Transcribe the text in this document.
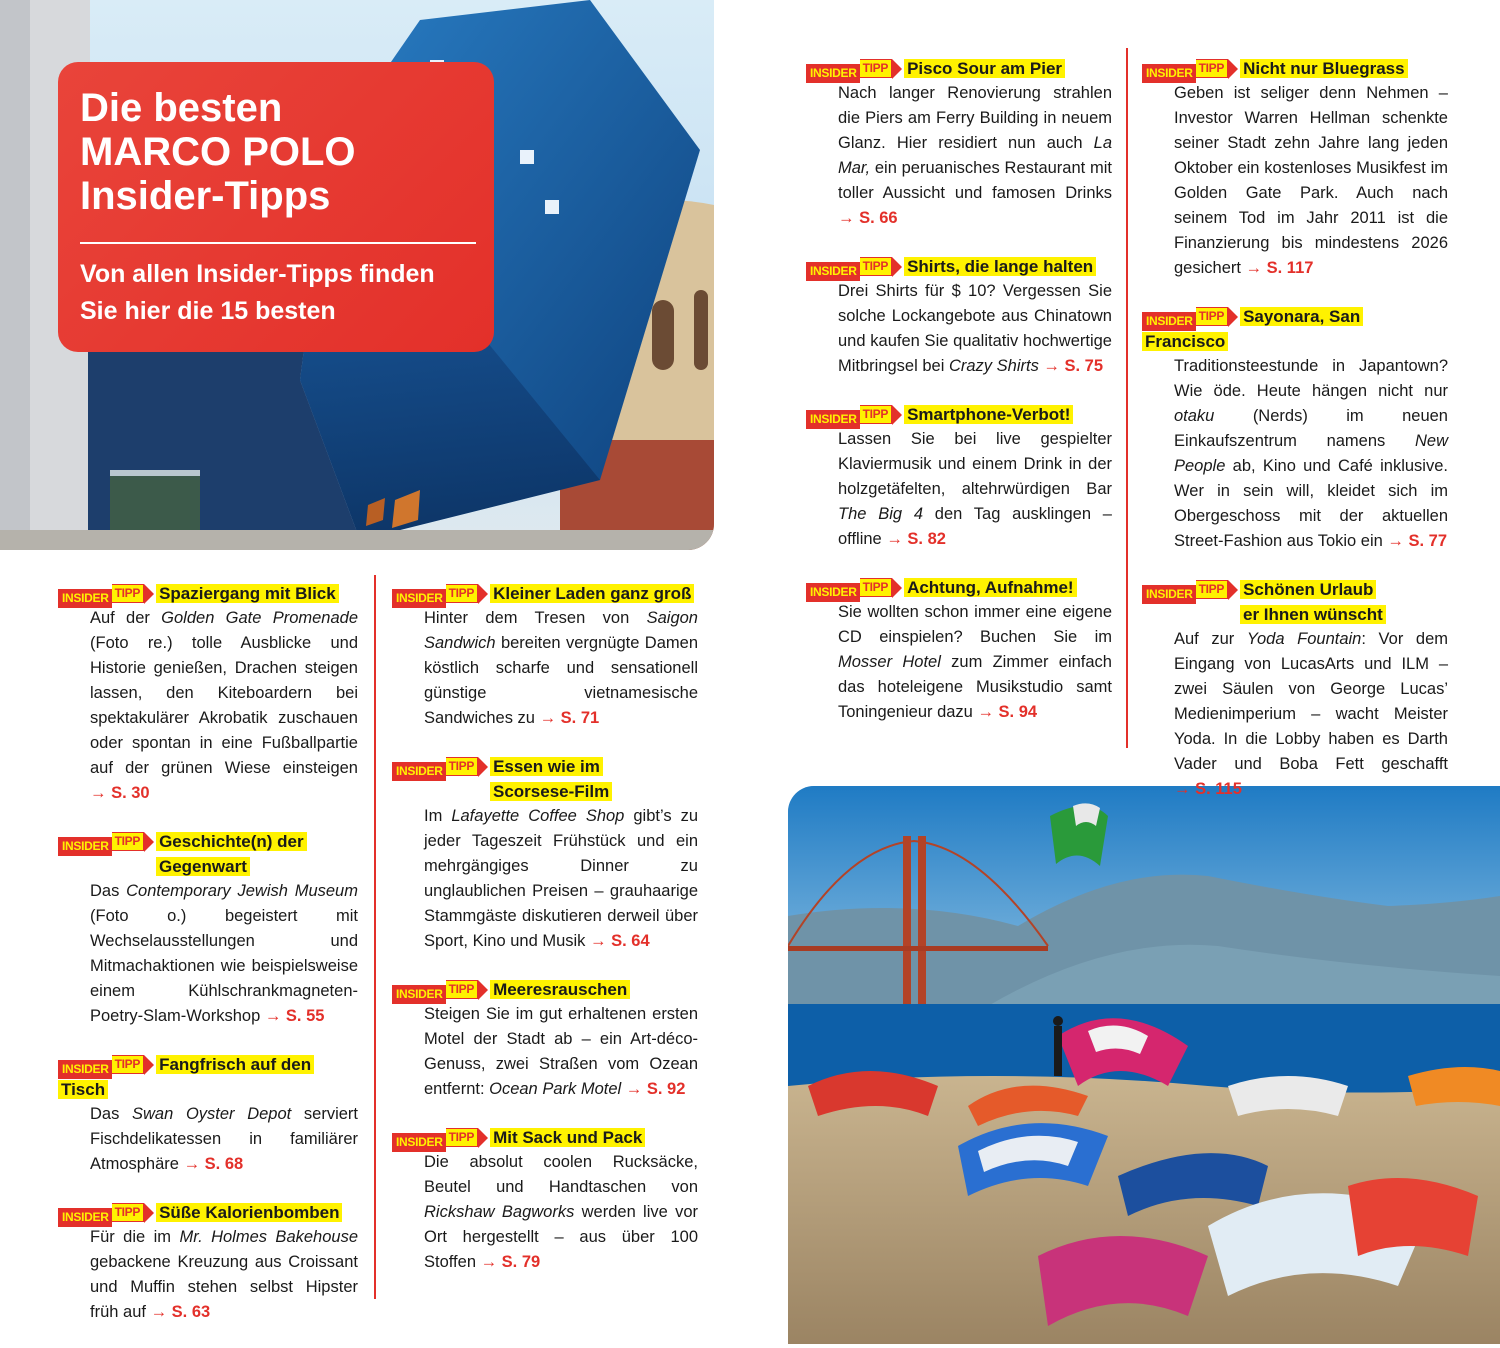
Die besten
MARCO POLO
Insider-Tipps

Von allen Insider-Tipps finden
Sie hier die 15 besten

INSIDER TIPP Spaziergang mit Blick

Auf der Golden Gate Promenade (Foto re.) tolle Ausblicke und Historie genießen, Drachen steigen lassen, den Kiteboardern bei spektakulärer Akrobatik zuschauen oder spontan in eine Fußballpartie auf der grünen Wiese einsteigen → S. 30

INSIDER TIPP Geschichte(n) der
Gegenwart

Das Contemporary Jewish Museum (Foto o.) begeistert mit Wechselausstellungen und Mitmachaktionen wie beispielsweise einem Kühlschrankmagneten-Poetry-Slam-Workshop → S. 55

INSIDER TIPP Fangfrisch auf den Tisch

Das Swan Oyster Depot serviert Fischdelikatessen in familiärer Atmosphäre → S. 68

INSIDER TIPP Süße Kalorienbomben

Für die im Mr. Holmes Bakehouse gebackene Kreuzung aus Croissant und Muffin stehen selbst Hipster früh auf → S. 63

INSIDER TIPP Kleiner Laden ganz groß

Hinter dem Tresen von Saigon Sandwich bereiten vergnügte Damen köstlich scharfe und sensationell günstige vietnamesische Sandwiches zu → S. 71

INSIDER TIPP Essen wie im
Scorsese-Film

Im Lafayette Coffee Shop gibt’s zu jeder Tageszeit Frühstück und ein mehrgängiges Dinner zu unglaublichen Preisen – grauhaarige Stammgäste diskutieren derweil über Sport, Kino und Musik → S. 64

INSIDER TIPP Meeresrauschen

Steigen Sie im gut erhaltenen ersten Motel der Stadt ab – ein Art-déco-Genuss, zwei Straßen vom Ozean entfernt: Ocean Park Motel → S. 92

INSIDER TIPP Mit Sack und Pack

Die absolut coolen Rucksäcke, Beutel und Handtaschen von Rickshaw Bagworks werden live vor Ort hergestellt – aus über 100 Stoffen → S. 79

INSIDER TIPP Pisco Sour am Pier

Nach langer Renovierung strahlen die Piers am Ferry Building in neuem Glanz. Hier residiert nun auch La Mar, ein peruanisches Restaurant mit toller Aussicht und famosen Drinks → S. 66

INSIDER TIPP Shirts, die lange halten

Drei Shirts für $ 10? Vergessen Sie solche Lockangebote aus Chinatown und kaufen Sie qualitativ hochwertige Mitbringsel bei Crazy Shirts → S. 75

INSIDER TIPP Smartphone-Verbot!

Lassen Sie bei live gespielter Klaviermusik und einem Drink in der holzgetäfelten, altehrwürdigen Bar The Big 4 den Tag ausklingen – offline → S. 82

INSIDER TIPP Achtung, Aufnahme!

Sie wollten schon immer eine eigene CD einspielen? Buchen Sie im Mosser Hotel zum Zimmer einfach das hoteleigene Musikstudio samt Toningenieur dazu → S. 94

INSIDER TIPP Nicht nur Bluegrass

Geben ist seliger denn Nehmen – Investor Warren Hellman schenkte seiner Stadt zehn Jahre lang jeden Oktober ein kostenloses Musikfest im Golden Gate Park. Auch nach seinem Tod im Jahr 2011 ist die Finanzierung bis mindestens 2026 gesichert → S. 117

INSIDER TIPP Sayonara, San Francisco

Traditionsteestunde in Japantown? Wie öde. Heute hängen nicht nur otaku (Nerds) im neuen Einkaufszentrum namens New People ab, Kino und Café inklusive. Wer in sein will, kleidet sich im Obergeschoss mit der aktuellen Street-Fashion aus Tokio ein → S. 77

INSIDER TIPP Schönen Urlaub
er Ihnen wünscht

Auf zur Yoda Fountain: Vor dem Eingang von LucasArts und ILM – zwei Säulen von George Lucas’ Medienimperium – wacht Meister Yoda. In die Lobby haben es Darth Vader und Boba Fett geschafft → S. 115
